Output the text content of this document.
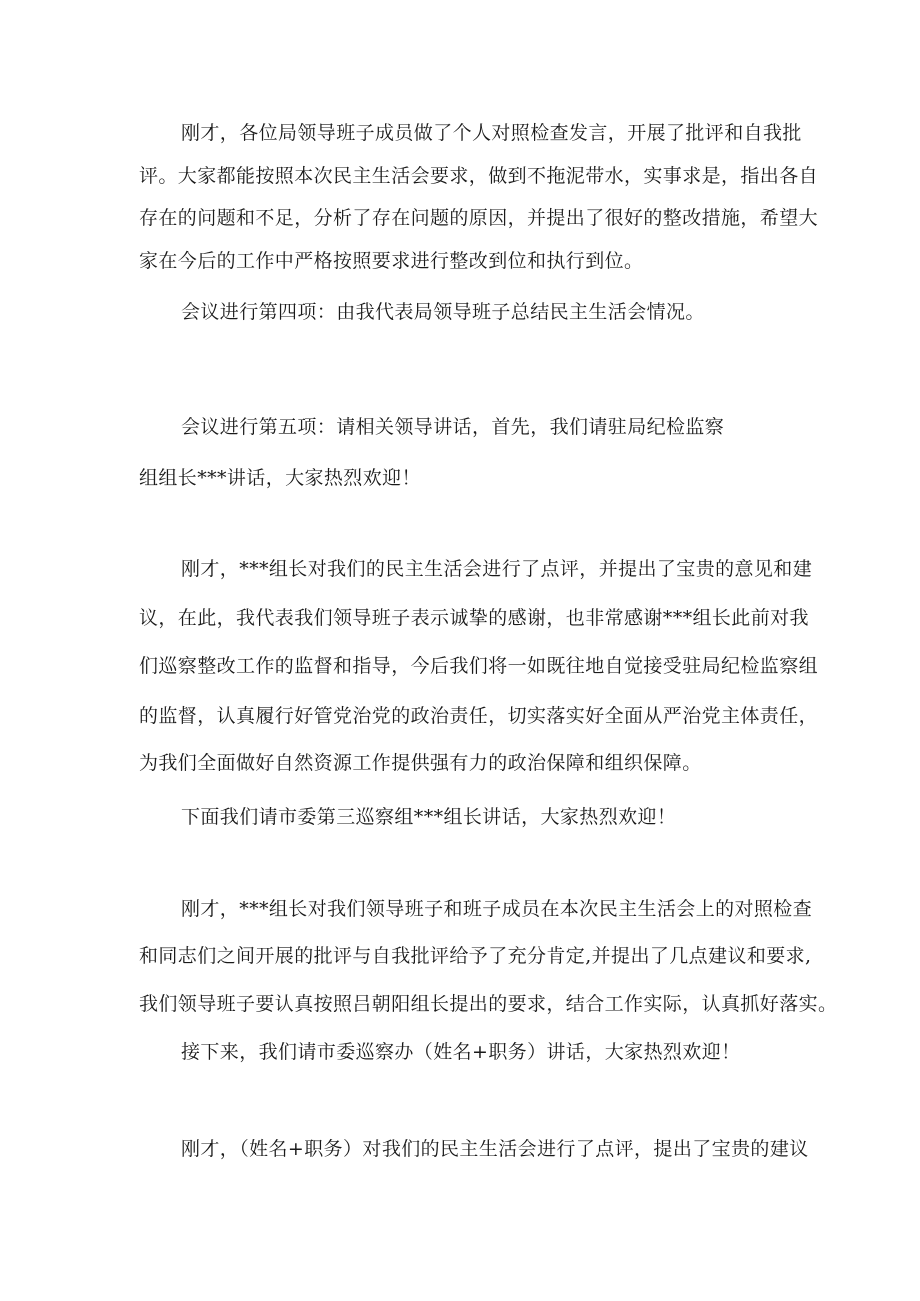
刚才，各位局领导班子成员做了个人对照检查发言，开展了批评和自我批
评。大家都能按照本次民主生活会要求，做到不拖泥带水，实事求是，指出各自
存在的问题和不足，分析了存在问题的原因，并提出了很好的整改措施，希望大
家在今后的工作中严格按照要求进行整改到位和执行到位。
会议进行第四项：由我代表局领导班子总结民主生活会情况。
会议进行第五项：请相关领导讲话，首先，我们请驻局纪检监察
组组长***讲话，大家热烈欢迎！
刚才，***组长对我们的民主生活会进行了点评，并提出了宝贵的意见和建
议，在此，我代表我们领导班子表示诚挚的感谢，也非常感谢***组长此前对我
们巡察整改工作的监督和指导，今后我们将一如既往地自觉接受驻局纪检监察组
的监督，认真履行好管党治党的政治责任，切实落实好全面从严治党主体责任，
为我们全面做好自然资源工作提供强有力的政治保障和组织保障。
下面我们请市委第三巡察组***组长讲话，大家热烈欢迎！
刚才，***组长对我们领导班子和班子成员在本次民主生活会上的对照检查
和同志们之间开展的批评与自我批评给予了充分肯定,并提出了几点建议和要求,
我们领导班子要认真按照吕朝阳组长提出的要求，结合工作实际，认真抓好落实。
接下来，我们请市委巡察办（姓名+职务）讲话，大家热烈欢迎！
刚才，（姓名+职务）对我们的民主生活会进行了点评，提出了宝贵的建议
